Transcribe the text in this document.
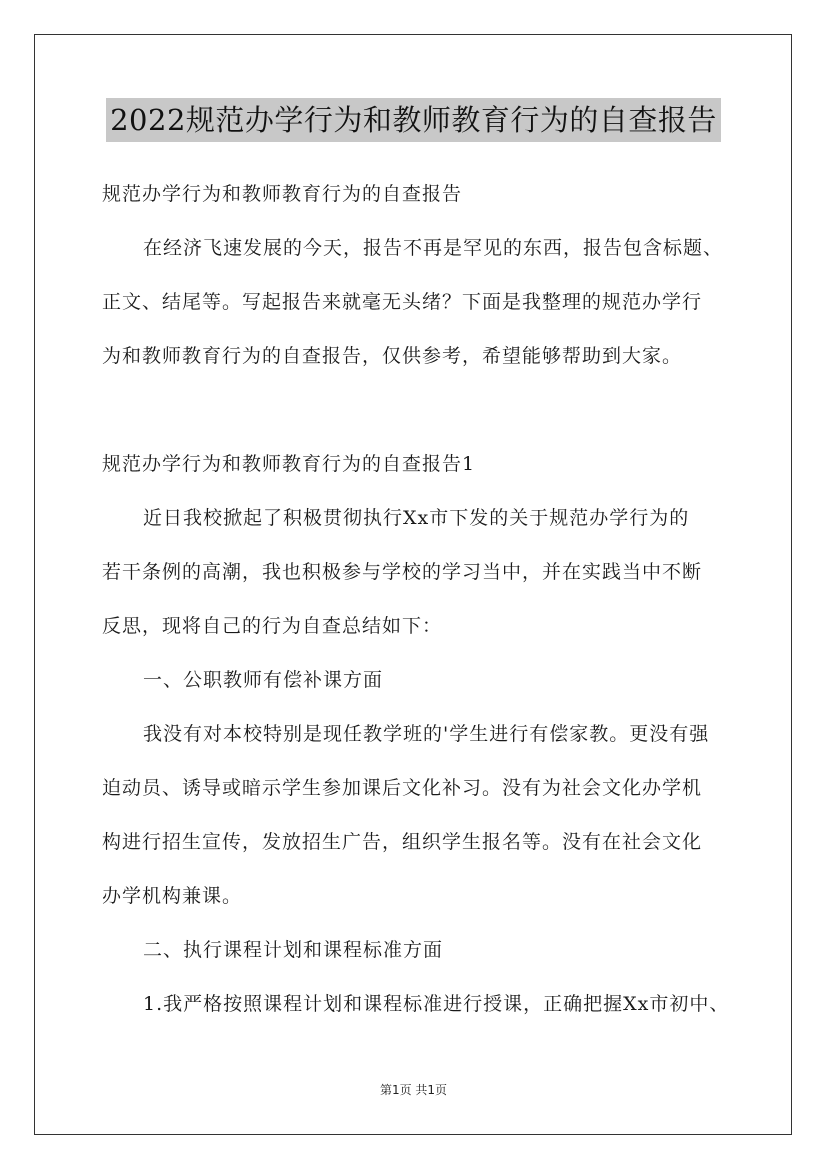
2022规范办学行为和教师教育行为的自查报告
规范办学行为和教师教育行为的自查报告
在经济飞速发展的今天，报告不再是罕见的东西，报告包含标题、
正文、结尾等。写起报告来就毫无头绪？下面是我整理的规范办学行
为和教师教育行为的自查报告，仅供参考，希望能够帮助到大家。
规范办学行为和教师教育行为的自查报告1
近日我校掀起了积极贯彻执行Xx市下发的关于规范办学行为的
若干条例的高潮，我也积极参与学校的学习当中，并在实践当中不断
反思，现将自己的行为自查总结如下：
一、公职教师有偿补课方面
我没有对本校特别是现任教学班的'学生进行有偿家教。更没有强
迫动员、诱导或暗示学生参加课后文化补习。没有为社会文化办学机
构进行招生宣传，发放招生广告，组织学生报名等。没有在社会文化
办学机构兼课。
二、执行课程计划和课程标准方面
1.我严格按照课程计划和课程标准进行授课，正确把握Xx市初中、
第1页 共1页
